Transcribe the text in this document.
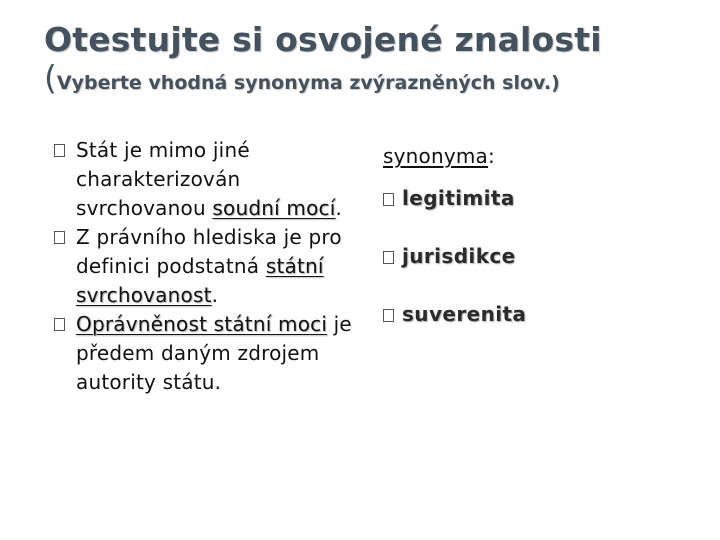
Otestujte si osvojené znalosti
(Vyberte vhodná synonyma zvýrazněných slov.)
Stát je mimo jiné charakterizován svrchovanou soudní mocí.
Z právního hlediska je pro definici podstatná státní svrchovanost.
Oprávněnost státní moci je předem daným zdrojem autority státu.
synonyma:
legitimita
jurisdikce
suverenita
